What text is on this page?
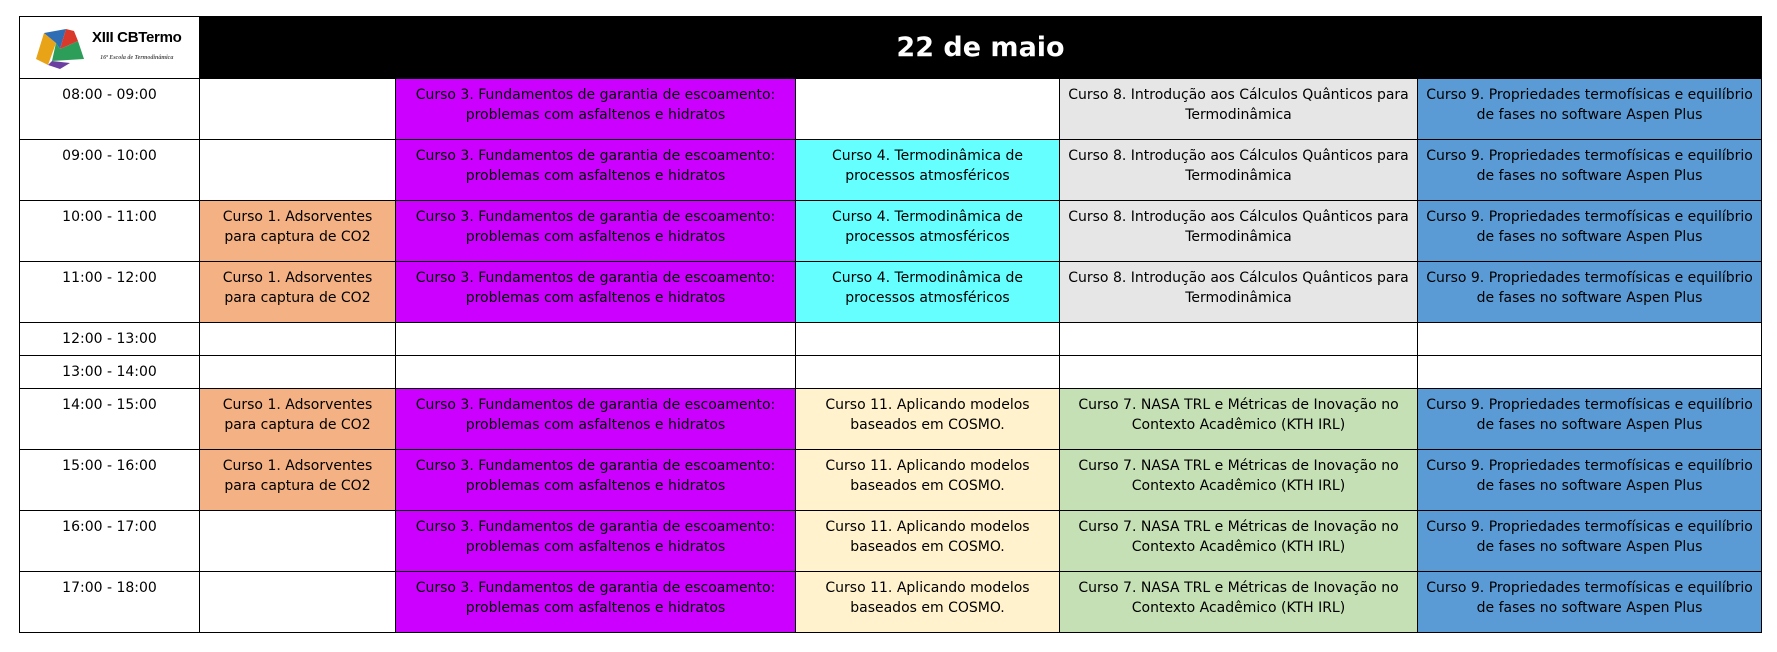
XIII CBTermo
16ª Escola de Termodinâmica	22 de maio				
08:00 - 09:00		Curso 3. Fundamentos de garantia de escoamento: problemas com asfaltenos e hidratos		Curso 8. Introdução aos Cálculos Quânticos para Termodinâmica	Curso 9. Propriedades termofísicas e equilíbrio de fases no software Aspen Plus
09:00 - 10:00		Curso 3. Fundamentos de garantia de escoamento: problemas com asfaltenos e hidratos	Curso 4. Termodinâmica de processos atmosféricos	Curso 8. Introdução aos Cálculos Quânticos para Termodinâmica	Curso 9. Propriedades termofísicas e equilíbrio de fases no software Aspen Plus
10:00 - 11:00	Curso 1. Adsorventes para captura de CO2	Curso 3. Fundamentos de garantia de escoamento: problemas com asfaltenos e hidratos	Curso 4. Termodinâmica de processos atmosféricos	Curso 8. Introdução aos Cálculos Quânticos para Termodinâmica	Curso 9. Propriedades termofísicas e equilíbrio de fases no software Aspen Plus
11:00 - 12:00	Curso 1. Adsorventes para captura de CO2	Curso 3. Fundamentos de garantia de escoamento: problemas com asfaltenos e hidratos	Curso 4. Termodinâmica de processos atmosféricos	Curso 8. Introdução aos Cálculos Quânticos para Termodinâmica	Curso 9. Propriedades termofísicas e equilíbrio de fases no software Aspen Plus
12:00 - 13:00					
13:00 - 14:00					
14:00 - 15:00	Curso 1. Adsorventes para captura de CO2	Curso 3. Fundamentos de garantia de escoamento: problemas com asfaltenos e hidratos	Curso 11. Aplicando modelos baseados em COSMO.	Curso 7. NASA TRL e Métricas de Inovação no Contexto Acadêmico (KTH IRL)	Curso 9. Propriedades termofísicas e equilíbrio de fases no software Aspen Plus
15:00 - 16:00	Curso 1. Adsorventes para captura de CO2	Curso 3. Fundamentos de garantia de escoamento: problemas com asfaltenos e hidratos	Curso 11. Aplicando modelos baseados em COSMO.	Curso 7. NASA TRL e Métricas de Inovação no Contexto Acadêmico (KTH IRL)	Curso 9. Propriedades termofísicas e equilíbrio de fases no software Aspen Plus
16:00 - 17:00		Curso 3. Fundamentos de garantia de escoamento: problemas com asfaltenos e hidratos	Curso 11. Aplicando modelos baseados em COSMO.	Curso 7. NASA TRL e Métricas de Inovação no Contexto Acadêmico (KTH IRL)	Curso 9. Propriedades termofísicas e equilíbrio de fases no software Aspen Plus
17:00 - 18:00		Curso 3. Fundamentos de garantia de escoamento: problemas com asfaltenos e hidratos	Curso 11. Aplicando modelos baseados em COSMO.	Curso 7. NASA TRL e Métricas de Inovação no Contexto Acadêmico (KTH IRL)	Curso 9. Propriedades termofísicas e equilíbrio de fases no software Aspen Plus
